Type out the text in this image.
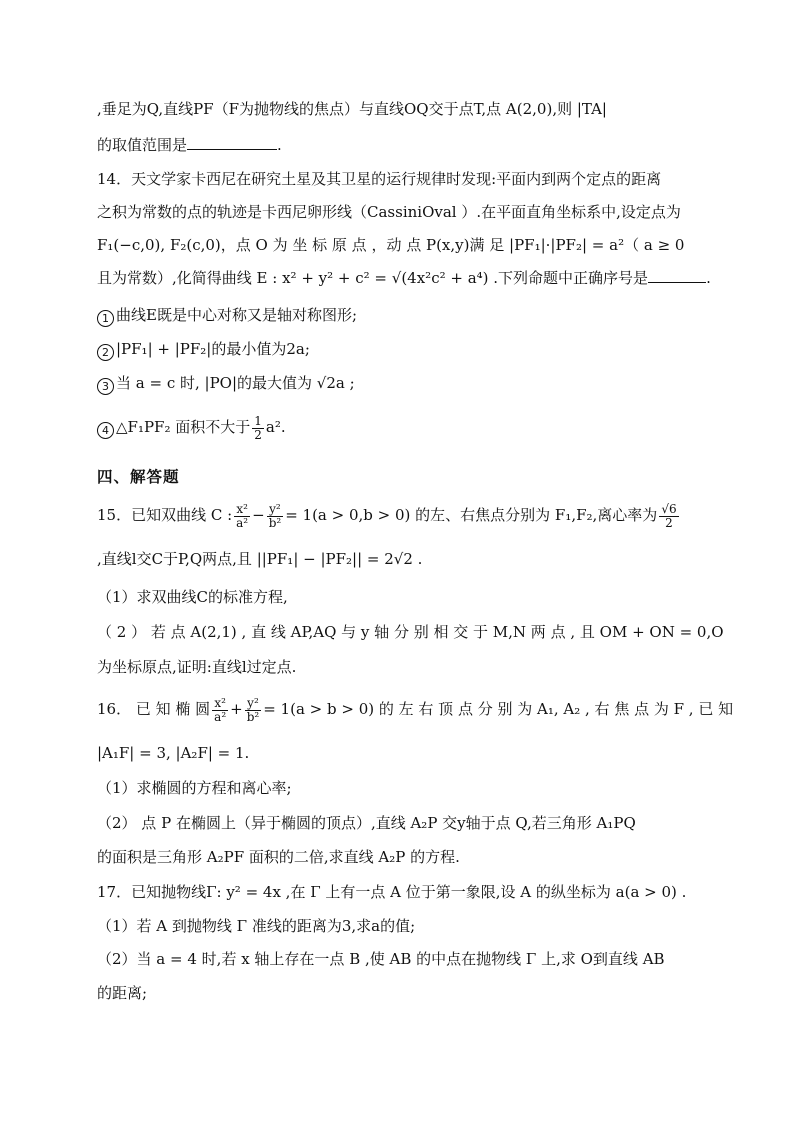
,垂足为Q,直线PF（F为抛物线的焦点）与直线OQ交于点T,点 A(2,0),则 |TA|
的取值范围是	.
14．天文学家卡西尼在研究土星及其卫星的运行规律时发现:平面内到两个定点的距离
之积为常数的点的轨迹是卡西尼卵形线（CassiniOval ）.在平面直角坐标系中,设定点为
F₁(−c,0), F₂(c,0)，点 O 为 坐 标 原 点 ，动 点 P(x,y)满 足 |PF₁|·|PF₂| = a²（ a ≥ 0
且为常数）,化简得曲线 E : x² + y² + c² = √(4x²c² + a⁴) .下列命题中正确序号是	.
1 曲线E既是中心对称又是轴对称图形;
2 |PF₁| + |PF₂|的最小值为2a;
3 当 a = c 时, |PO|的最大值为 √2a ;
4 △F₁PF₂ 面积不大于 $\frac{1}{2} a^2$.
四、解答题
15．已知双曲线 C : $\frac{\text{x²}}{\text{a²}} - \frac{\text{y²}}{\text{b²}} = 1(a > 0,b > 0)$ 的左、右焦点分别为 F₁,F₂,离心率为 $\frac{√6}{2}$
,直线l交C于P,Q两点,且 ||PF₁| − |PF₂|| = 2√2 .
（1）求双曲线C的标准方程,
（ 2 ） 若 点 A(2,1) , 直 线 AP,AQ 与 y 轴 分 别 相 交 于 M,N 两 点 , 且 OM + ON = 0,O
为坐标原点,证明:直线l过定点.
16． 已 知 椭 圆 $\frac{\text{x²}}{\text{a²}} + \frac{\text{y²}}{\text{b²}} = 1(a > b > 0)$ 的 左 右 顶 点 分 别 为 A₁, A₂ , 右 焦 点 为 F , 已 知
|A₁F| = 3, |A₂F| = 1.
（1）求椭圆的方程和离心率;
（2） 点 P 在椭圆上（异于椭圆的顶点）,直线 A₂P 交y轴于点 Q,若三角形 A₁PQ
的面积是三角形 A₂PF 面积的二倍,求直线 A₂P 的方程.
17．已知抛物线Γ: y² = 4x ,在 Γ 上有一点 A 位于第一象限,设 A 的纵坐标为 a(a > 0) .
（1）若 A 到抛物线 Γ 准线的距离为3,求a的值;
（2）当 a = 4 时,若 x 轴上存在一点 B ,使 AB 的中点在抛物线 Γ 上,求 O到直线 AB
的距离;
